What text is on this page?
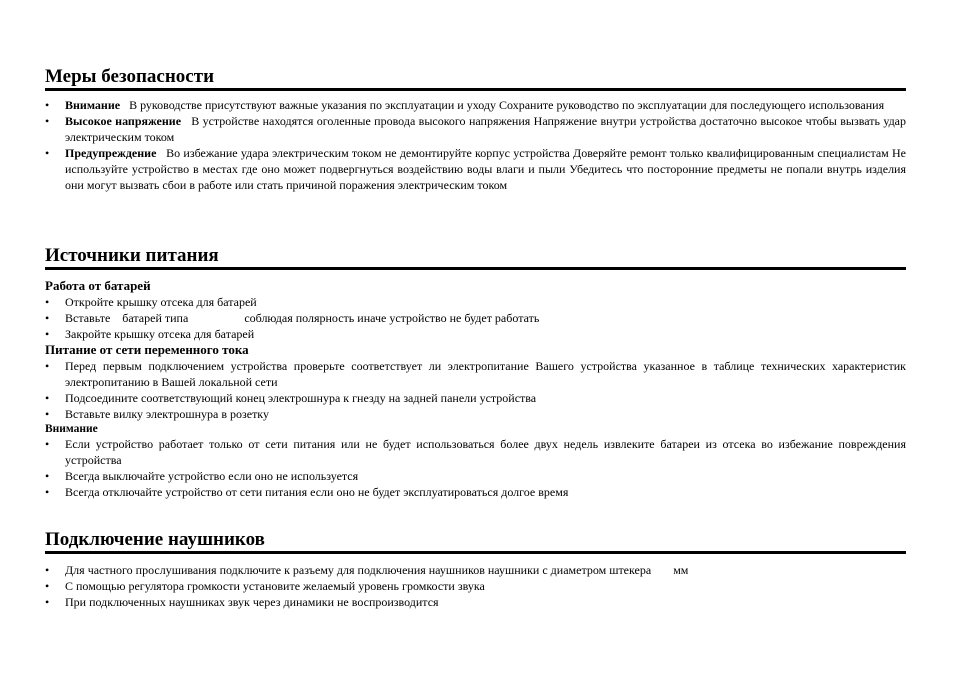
Меры безопасности
• Внимание В руководстве присутствуют важные указания по эксплуатации и уходу Сохраните руководство по эксплуатации для последующего использования
• Высокое напряжение В устройстве находятся оголенные провода высокого напряжения Напряжение внутри устройства достаточно высокое чтобы вызвать удар электрическим током
• Предупреждение Во избежание удара электрическим током не демонтируйте корпус устройства Доверяйте ремонт только квалифицированным специалистам Не используйте устройство в местах где оно может подвергнуться воздействию воды влаги и пыли Убедитесь что посторонние предметы не попали внутрь изделия они могут вызвать сбои в работе или стать причиной поражения электрическим током
Источники питания
Работа от батарей
• Откройте крышку отсека для батарей
• Вставьте    батарей типа	соблюдая полярность иначе устройство не будет работать
• Закройте крышку отсека для батарей
Питание от сети переменного тока
• Перед первым подключением устройства проверьте соответствует ли электропитание Вашего устройства указанное в таблице технических характеристик электропитанию в Вашей локальной сети
• Подсоедините соответствующий конец электрошнура к гнезду на задней панели устройства
• Вставьте вилку электрошнура в розетку
Внимание
• Если устройство работает только от сети питания или не будет использоваться более двух недель извлеките батареи из отсека во избежание повреждения устройства
• Всегда выключайте устройство если оно не используется
• Всегда отключайте устройство от сети питания если оно не будет эксплуатироваться долгое время
Подключение наушников
• Для частного прослушивания подключите к разъему для подключения наушников наушники с диаметром штекера мм
• С помощью регулятора громкости установите желаемый уровень громкости звука
• При подключенных наушниках звук через динамики не воспроизводится
